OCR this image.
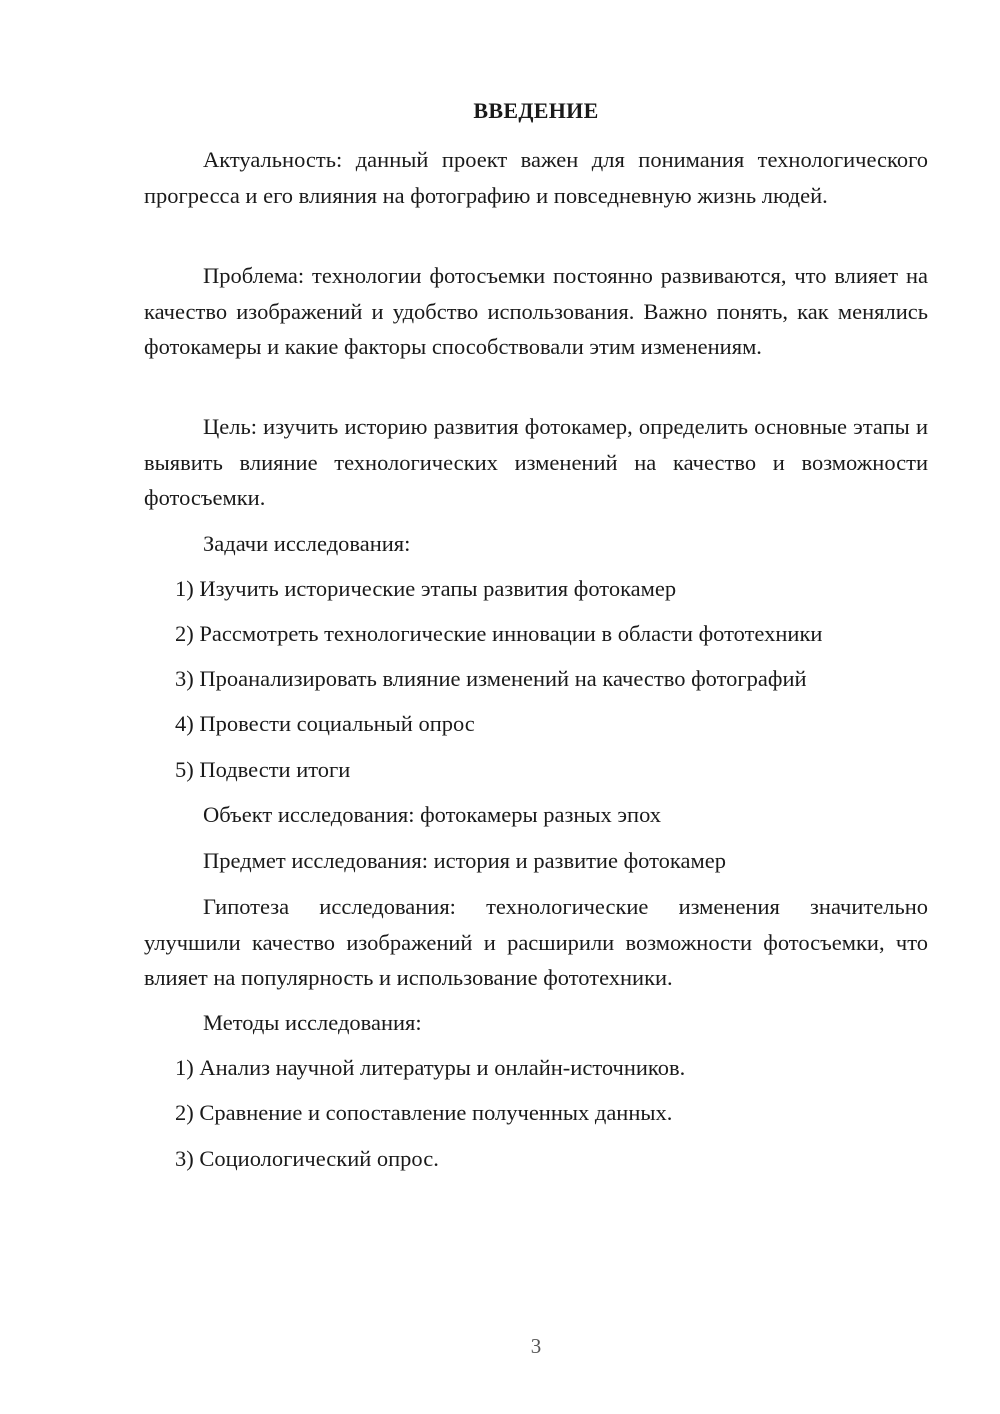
ВВЕДЕНИЕ

Актуальность: данный проект важен для понимания технологического прогресса и его влияния на фотографию и повседневную жизнь людей.

Проблема: технологии фотосъемки постоянно развиваются, что влияет на качество изображений и удобство использования. Важно понять, как менялись фотокамеры и какие факторы способствовали этим изменениям.

Цель: изучить историю развития фотокамер, определить основные этапы и выявить влияние технологических изменений на качество и возможности фотосъемки.

Задачи исследования:

1) Изучить исторические этапы развития фотокамер

2) Рассмотреть технологические инновации в области фототехники

3) Проанализировать влияние изменений на качество фотографий

4) Провести социальный опрос

5) Подвести итоги

Объект исследования: фотокамеры разных эпох

Предмет исследования: история и развитие фотокамер

Гипотеза исследования: технологические изменения значительно улучшили качество изображений и расширили возможности фотосъемки, что влияет на популярность и использование фототехники.

Методы исследования:

1) Анализ научной литературы и онлайн-источников.

2) Сравнение и сопоставление полученных данных.

3) Социологический опрос.

3
